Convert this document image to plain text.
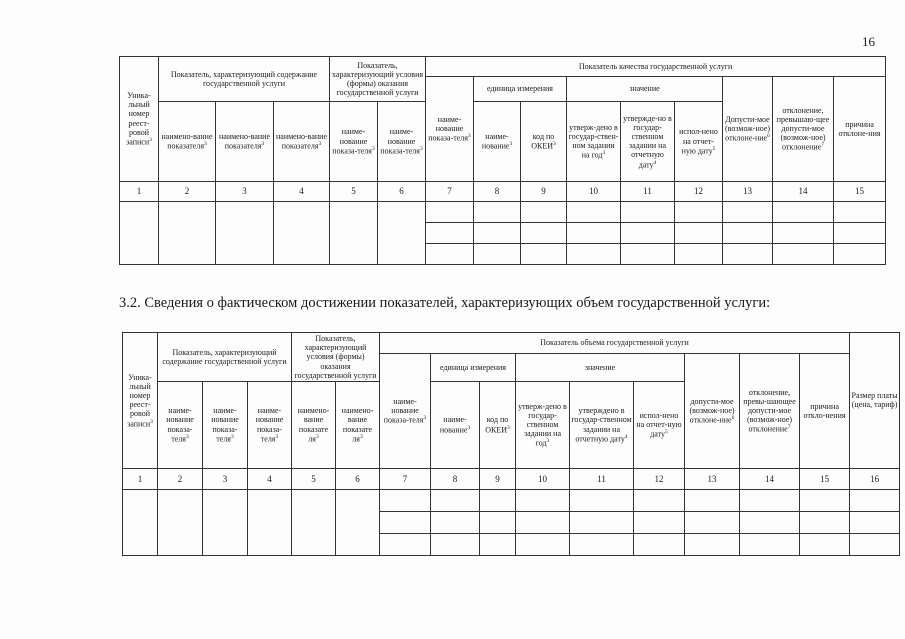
16
Уника-льный номер реест-ровой записи$^3$	Показатель, характеризующий содержание государственной услуги			Показатель, характеризующий условия (формы) оказания государственной услуги		Показатель качества государственной услуги								
						наиме-нование показа-теля$^3$	единица измерения		значение			Допусти-мое (возмож-ное) отклоне-ние$^6$	отклонение, превышаю-щее допусти-мое (возмож-ное) отклонение$^7$	причина отклоне-ния
	наимено-вание показателя$^3$	наимено-вание показателя$^3$	наимено-вание показателя$^3$	наиме-нование показа-теля$^3$	наиме-нование показа-теля$^3$		наиме-нование$^3$	код по ОКЕИ$^3$	утверж-дено в государ-ствен-ном задании на год$^3$	утвержде-но в государ-ственном задании на отчетную дату$^4$	испол-нено на отчет-ную дату$^5$
1	2	3	4	5	6	7	8	9	10	11	12	13	14	15

3.2. Сведения о фактическом достижении показателей, характеризующих объем государственной услуги:
Уника-льный номер реест-ровой записи$^3$	Показатель, характеризующий содержание государственной услуги			Показатель, характеризующий условия (формы) оказания государственной услуги		Показатель объема государственной услуги									Размер платы (цена, тариф)
						наиме-нование показа-теля$^3$	единица измерения		значение			допусти-мое (возмож-ное) отклоне-ние$^6$	отклонение, превы-шающее допусти-мое (возмож-ное) отклонение$^7$	причина откло-нения	
	наиме-нование показа-теля$^3$	наиме-нование показа-теля$^3$	наиме-нование показа-теля$^3$	наимено-вание показате $ля^3$	наимено-вание показате $ля^3$		наиме-нование$^3$	код по ОКЕИ$^3$	утверж-дено в государ-ственном задании на год$^3$	утверждено в государ-ственном задании на отчетную дату$^4$	испол-нено на отчет-ную дату$^5$
1	2	3	4	5	6	7	8	9	10	11	12	13	14	15	16
